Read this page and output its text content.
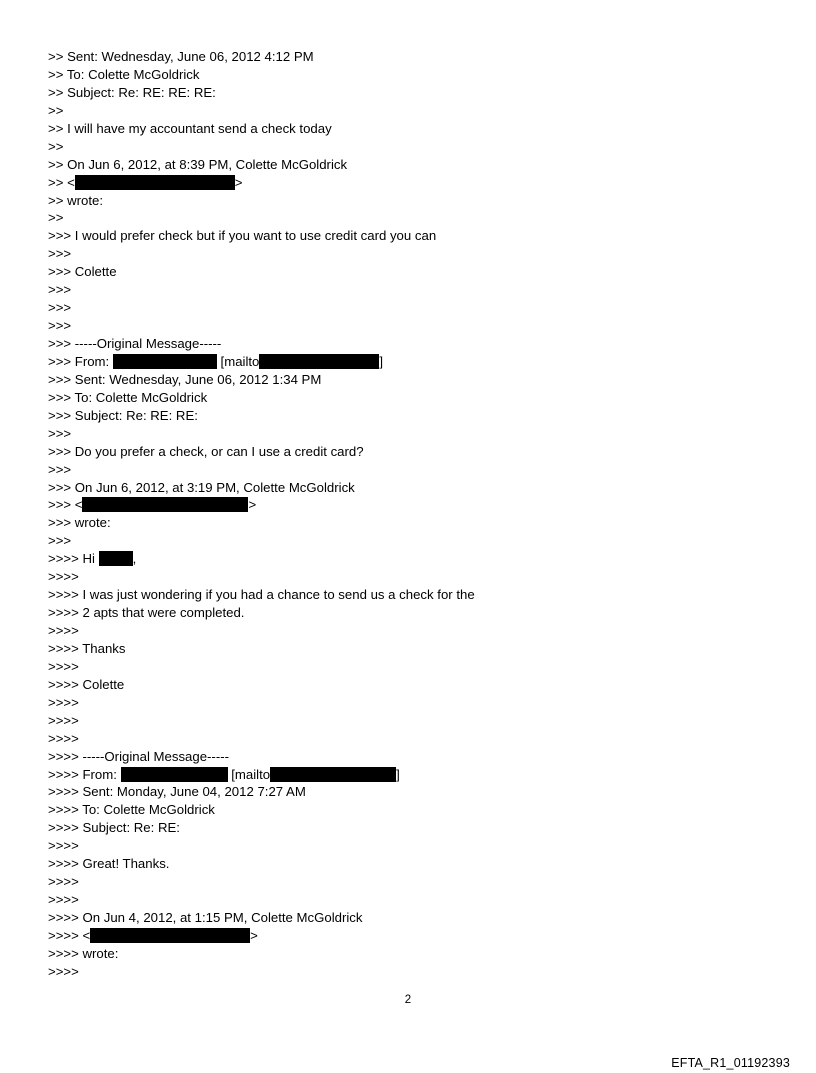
>> Sent: Wednesday, June 06, 2012 4:12 PM
>> To: Colette McGoldrick
>> Subject: Re: RE: RE: RE:
>>
>> I will have my accountant send a check today
>>
>> On Jun 6, 2012, at 8:39 PM, Colette McGoldrick
>> <	>
>> wrote:
>>
>>> I would prefer check but if you want to use credit card you can
>>>
>>> Colette
>>>
>>>
>>>
>>> -----Original Message-----
>>> From:	[mailto	]
>>> Sent: Wednesday, June 06, 2012 1:34 PM
>>> To: Colette McGoldrick
>>> Subject: Re: RE: RE:
>>>
>>> Do you prefer a check, or can I use a credit card?
>>>
>>> On Jun 6, 2012, at 3:19 PM, Colette McGoldrick
>>> <	>
>>> wrote:
>>>
>>>> Hi	,
>>>>
>>>> I was just wondering if you had a chance to send us a check for the
>>>> 2 apts that were completed.
>>>>
>>>> Thanks
>>>>
>>>> Colette
>>>>
>>>>
>>>>
>>>> -----Original Message-----
>>>> From:	[mailto	]
>>>> Sent: Monday, June 04, 2012 7:27 AM
>>>> To: Colette McGoldrick
>>>> Subject: Re: RE:
>>>>
>>>> Great! Thanks.
>>>>
>>>>
>>>> On Jun 4, 2012, at 1:15 PM, Colette McGoldrick
>>>> <	>
>>>> wrote:
>>>>
2
EFTA_R1_01192393
